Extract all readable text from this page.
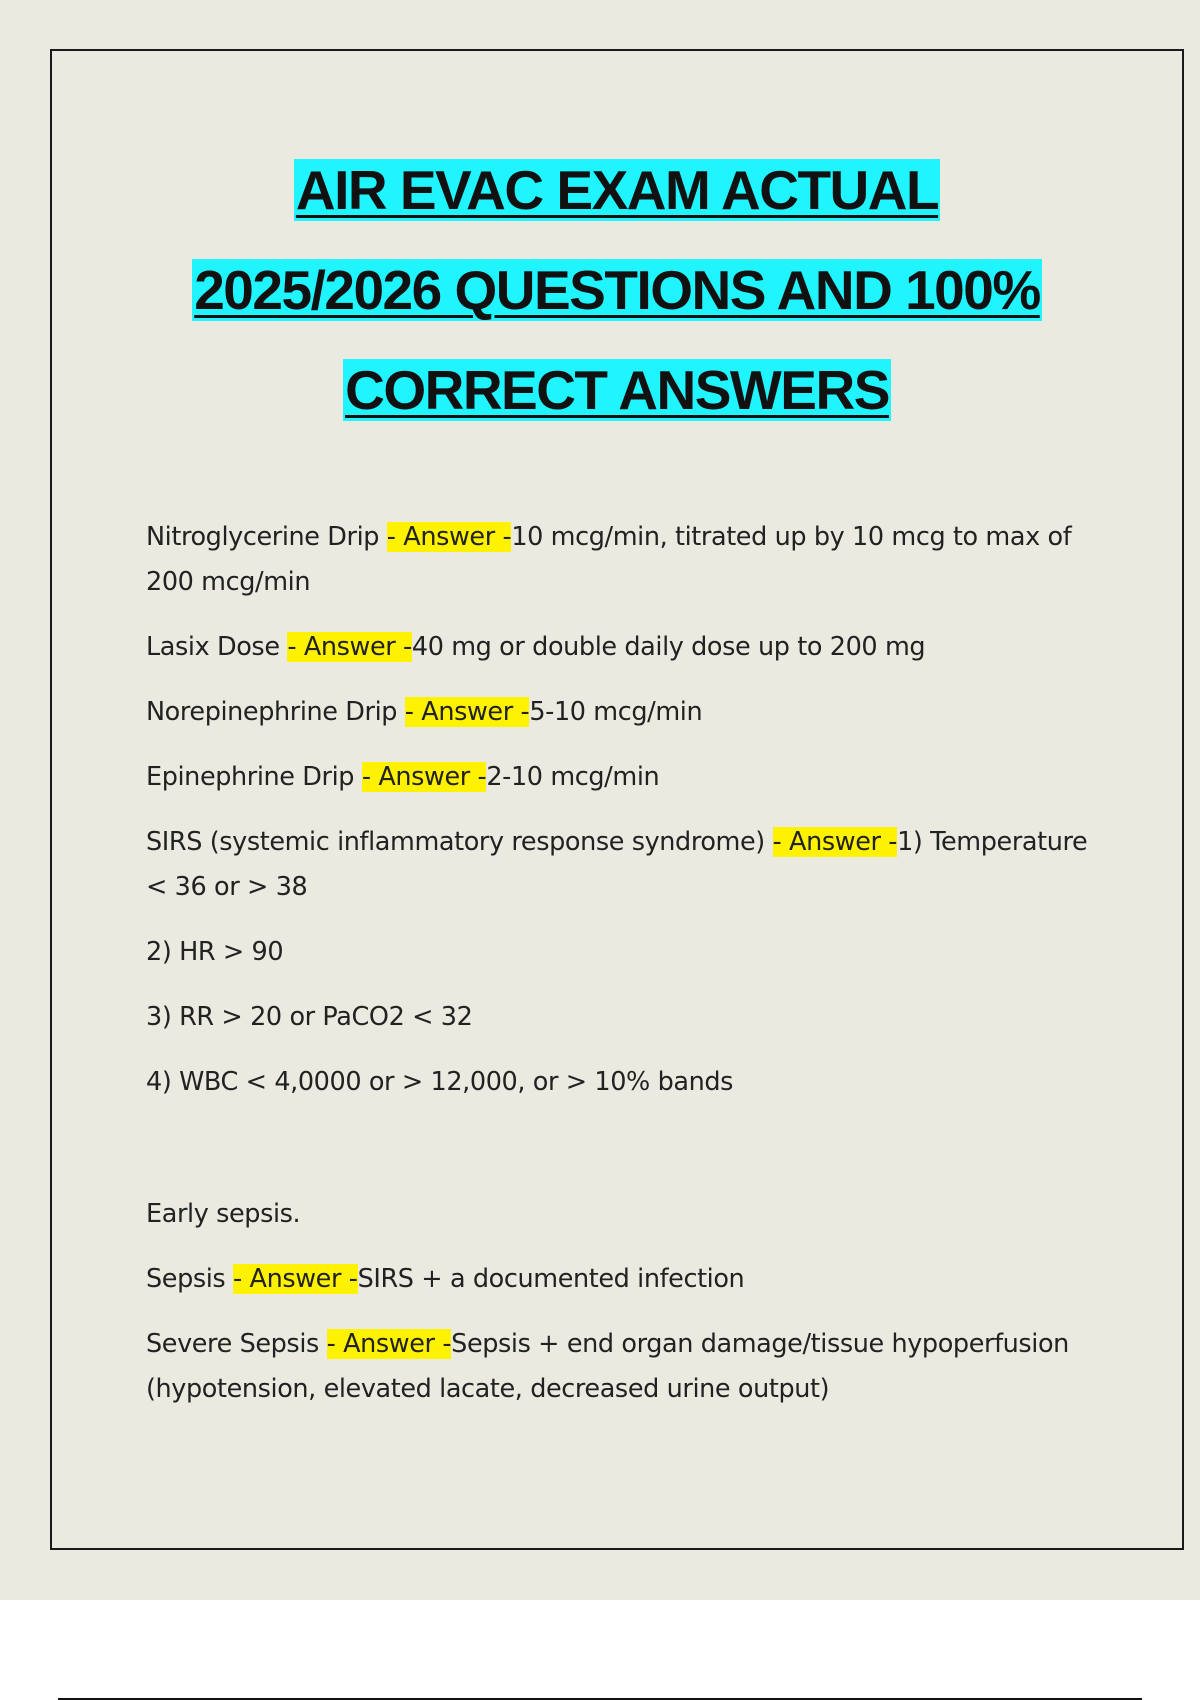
AIR EVAC EXAM ACTUAL
2025/2026 QUESTIONS AND 100%
CORRECT ANSWERS
Nitroglycerine Drip - Answer -10 mcg/min, titrated up by 10 mcg to max of 200 mcg/min
Lasix Dose - Answer -40 mg or double daily dose up to 200 mg
Norepinephrine Drip - Answer -5-10 mcg/min
Epinephrine Drip - Answer -2-10 mcg/min
SIRS (systemic inflammatory response syndrome) - Answer -1) Temperature < 36 or > 38
2) HR > 90
3) RR > 20 or PaCO2 < 32
4) WBC < 4,0000 or > 12,000, or > 10% bands
Early sepsis.
Sepsis - Answer -SIRS + a documented infection
Severe Sepsis - Answer -Sepsis + end organ damage/tissue hypoperfusion (hypotension, elevated lacate, decreased urine output)
